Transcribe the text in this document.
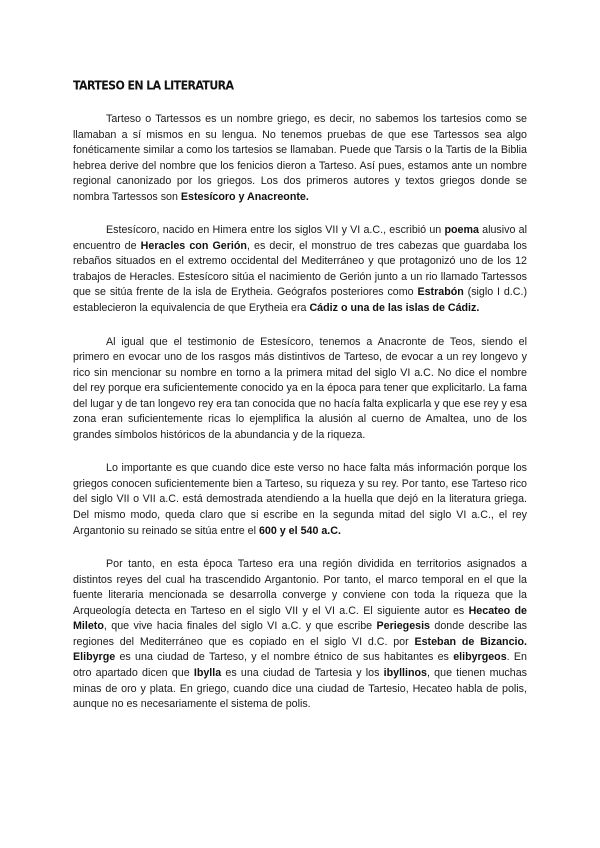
TARTESO EN LA LITERATURA

Tarteso o Tartessos es un nombre griego, es decir, no sabemos los tartesios como se llamaban a sí mismos en su lengua. No tenemos pruebas de que ese Tartessos sea algo fonéticamente similar a como los tartesios se llamaban. Puede que Tarsis o la Tartis de la Biblia hebrea derive del nombre que los fenicios dieron a Tarteso. Así pues, estamos ante un nombre regional canonizado por los griegos. Los dos primeros autores y textos griegos donde se nombra Tartessos son Estesícoro y Anacreonte.

Estesícoro, nacido en Himera entre los siglos VII y VI a.C., escribió un poema alusivo al encuentro de Heracles con Gerión, es decir, el monstruo de tres cabezas que guardaba los rebaños situados en el extremo occidental del Mediterráneo y que protagonizó uno de los 12 trabajos de Heracles. Estesícoro sitúa el nacimiento de Gerión junto a un rio llamado Tartessos que se sitúa frente de la isla de Erytheia. Geógrafos posteriores como Estrabón (siglo I d.C.) establecieron la equivalencia de que Erytheia era Cádiz o una de las islas de Cádiz.

Al igual que el testimonio de Estesícoro, tenemos a Anacronte de Teos, siendo el primero en evocar uno de los rasgos más distintivos de Tarteso, de evocar a un rey longevo y rico sin mencionar su nombre en torno a la primera mitad del siglo VI a.C. No dice el nombre del rey porque era suficientemente conocido ya en la época para tener que explicitarlo. La fama del lugar y de tan longevo rey era tan conocida que no hacía falta explicarla y que ese rey y esa zona eran suficientemente ricas lo ejemplifica la alusión al cuerno de Amaltea, uno de los grandes símbolos históricos de la abundancia y de la riqueza.

Lo importante es que cuando dice este verso no hace falta más información porque los griegos conocen suficientemente bien a Tarteso, su riqueza y su rey. Por tanto, ese Tarteso rico del siglo VII o VII a.C. está demostrada atendiendo a la huella que dejó en la literatura griega. Del mismo modo, queda claro que si escribe en la segunda mitad del siglo VI a.C., el rey Argantonio su reinado se sitúa entre el 600 y el 540 a.C.

Por tanto, en esta época Tarteso era una región dividida en territorios asignados a distintos reyes del cual ha trascendido Argantonio. Por tanto, el marco temporal en el que la fuente literaria mencionada se desarrolla converge y conviene con toda la riqueza que la Arqueología detecta en Tarteso en el siglo VII y el VI a.C. El siguiente autor es Hecateo de Mileto, que vive hacia finales del siglo VI a.C. y que escribe Periegesis donde describe las regiones del Mediterráneo que es copiado en el siglo VI d.C. por Esteban de Bizancio. Elibyrge es una ciudad de Tarteso, y el nombre étnico de sus habitantes es elibyrgeos. En otro apartado dicen que Ibylla es una ciudad de Tartesia y los ibyllinos, que tienen muchas minas de oro y plata. En griego, cuando dice una ciudad de Tartesio, Hecateo habla de polis, aunque no es necesariamente el sistema de polis.
